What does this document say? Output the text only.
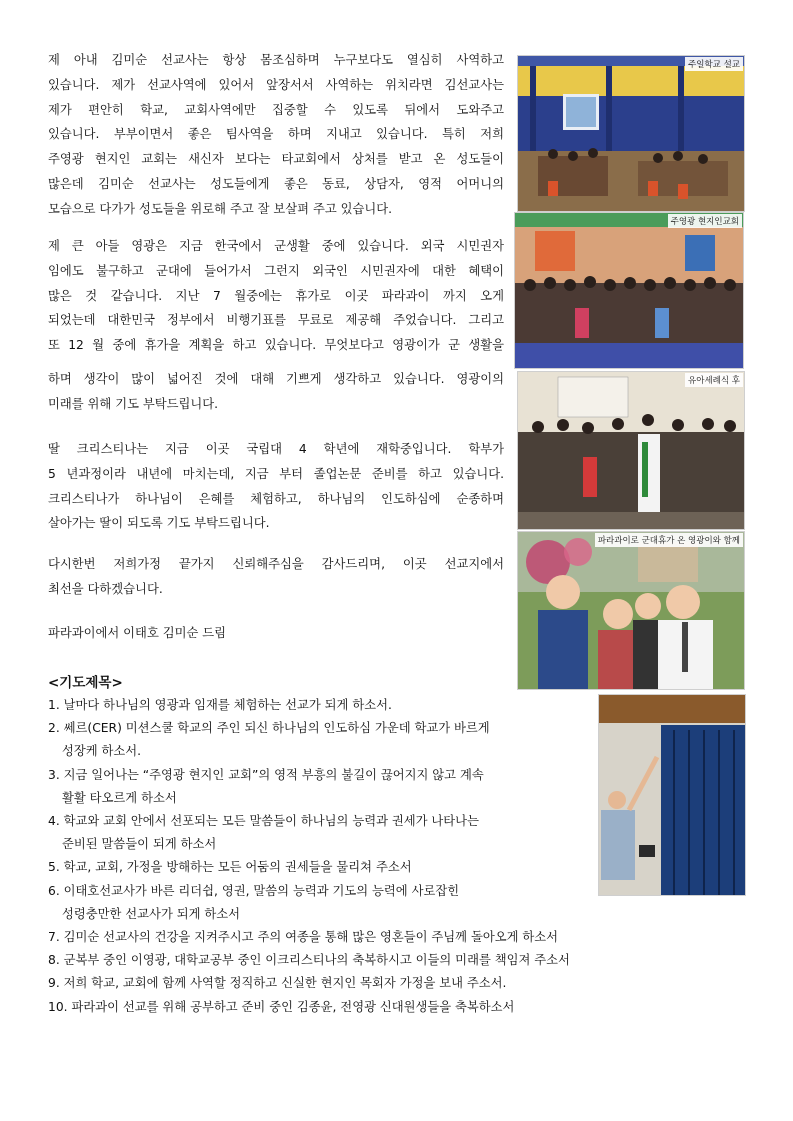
제 아내 김미순 선교사는 항상 몸조심하며 누구보다도 열심히 사역하고
있습니다. 제가 선교사역에 있어서 앞장서서 사역하는 위치라면 김선교사는
제가 편안히 학교, 교회사역에만 집중할 수 있도록 뒤에서 도와주고
있습니다. 부부이면서 좋은 팀사역을 하며 지내고 있습니다. 특히 저희
주영광 현지인 교회는 새신자 보다는 타교회에서 상처를 받고 온 성도들이
많은데 김미순 선교사는 성도들에게 좋은 동료, 상담자, 영적 어머니의
모습으로 다가가 성도들을 위로해 주고 잘 보살펴 주고 있습니다.
제 큰 아들 영광은 지금 한국에서 군생활 중에 있습니다. 외국 시민권자
임에도 불구하고 군대에 들어가서 그런지 외국인 시민권자에 대한 혜택이
많은 것 같습니다. 지난 7 월중에는 휴가로 이곳 파라과이 까지 오게
되었는데 대한민국 정부에서 비행기표를 무료로 제공해 주었습니다. 그리고
또 12 월 중에 휴가을 계획을 하고 있습니다. 무엇보다고 영광이가 군 생활을
하며 생각이 많이 넓어진 것에 대해 기쁘게 생각하고 있습니다. 영광이의
미래를 위해 기도 부탁드립니다.
딸 크리스티나는 지금 이곳 국립대 4 학년에 재학중입니다. 학부가
5 년과정이라 내년에 마치는데, 지금 부터 졸업논문 준비를 하고 있습니다.
크리스티나가 하나님이 은혜를 체험하고, 하나님의 인도하심에 순종하며
살아가는 딸이 되도록 기도 부탁드립니다.
다시한번 저희가정 끝가지 신뢰해주심을 감사드리며, 이곳 선교지에서
최선을 다하겠습니다.
파라과이에서 이태호 김미순 드림
주일학교 설교
주영광 현지인교회
유아세례식 후
파라과이로 군대휴가 온 영광이와 함께
<기도제목>
1. 날마다 하나님의 영광과 임재를 체험하는 선교가 되게 하소서.
2. 쎄르(CER) 미션스쿨 학교의 주인 되신 하나님의 인도하심 가운데 학교가 바르게
성장케 하소서.
3. 지금 일어나는 “주영광 현지인 교회”의 영적 부흥의 불길이 끊어지지 않고 계속
활활 타오르게 하소서
4. 학교와 교회 안에서 선포되는 모든 말씀들이 하나님의 능력과 권세가 나타나는
준비된 말씀들이 되게 하소서
5. 학교, 교회, 가정을 방해하는 모든 어둠의 권세들을 물리쳐 주소서
6. 이태호선교사가 바른 리더쉽, 영권, 말씀의 능력과 기도의 능력에 사로잡힌
성령충만한 선교사가 되게 하소서
7. 김미순 선교사의 건강을 지켜주시고 주의 여종을 통해 많은 영혼들이 주님께 돌아오게 하소서
8. 군복부 중인 이영광, 대학교공부 중인 이크리스티나의 축복하시고 이들의 미래를 책임져 주소서
9. 저희 학교, 교회에 함께 사역할 정직하고 신실한 현지인 목회자 가정을 보내 주소서.
10. 파라과이 선교를 위해 공부하고 준비 중인 김종윤, 전영광 신대원생들을 축복하소서
